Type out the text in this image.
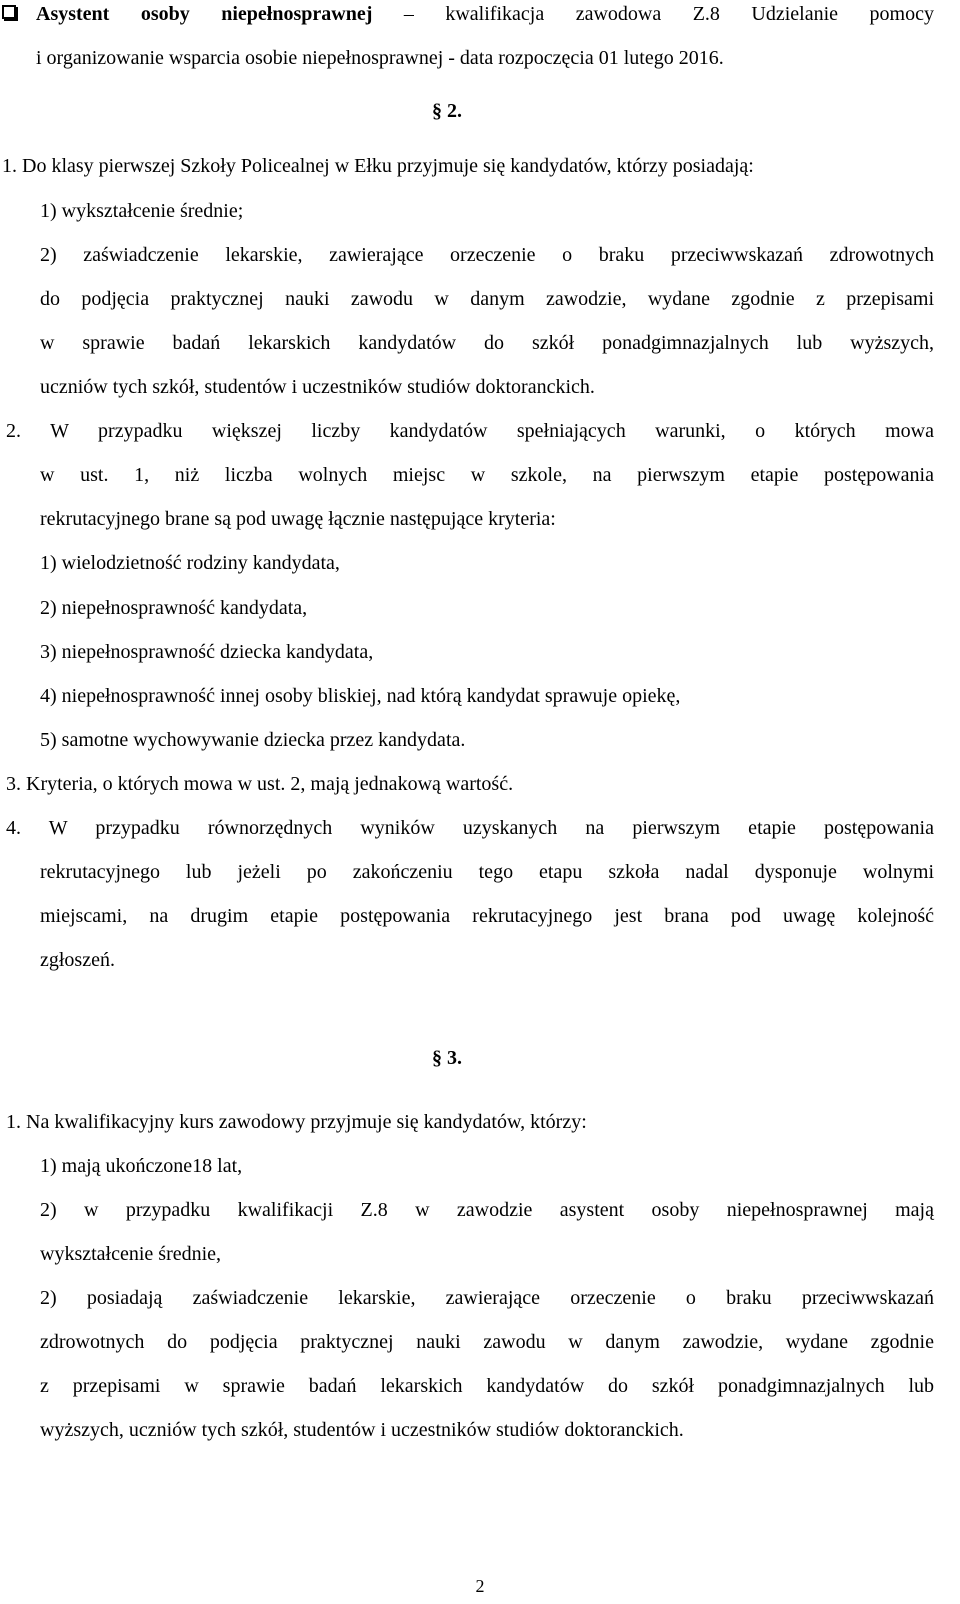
Asystent osoby niepełnosprawnej – kwalifikacja zawodowa Z.8 Udzielanie pomocy
i organizowanie wsparcia osobie niepełnosprawnej - data rozpoczęcia 01 lutego 2016.
§ 2.
1. Do klasy pierwszej Szkoły Policealnej w Ełku przyjmuje się kandydatów, którzy posiadają:
1) wykształcenie średnie;
2) zaświadczenie lekarskie, zawierające orzeczenie o braku przeciwwskazań zdrowotnych
do podjęcia praktycznej nauki zawodu w danym zawodzie, wydane zgodnie z przepisami
w sprawie badań lekarskich kandydatów do szkół ponadgimnazjalnych lub wyższych,
uczniów tych szkół, studentów i uczestników studiów doktoranckich.
2. W przypadku większej liczby kandydatów spełniających warunki, o których mowa
w ust. 1, niż liczba wolnych miejsc w szkole, na pierwszym etapie postępowania
rekrutacyjnego brane są pod uwagę łącznie następujące kryteria:
1) wielodzietność rodziny kandydata,
2) niepełnosprawność kandydata,
3) niepełnosprawność dziecka kandydata,
4) niepełnosprawność innej osoby bliskiej, nad którą kandydat sprawuje opiekę,
5) samotne wychowywanie dziecka przez kandydata.
3. Kryteria, o których mowa w ust. 2, mają jednakową wartość.
4. W przypadku równorzędnych wyników uzyskanych na pierwszym etapie postępowania
rekrutacyjnego lub jeżeli po zakończeniu tego etapu szkoła nadal dysponuje wolnymi
miejscami, na drugim etapie postępowania rekrutacyjnego jest brana pod uwagę kolejność
zgłoszeń.
§ 3.
1. Na kwalifikacyjny kurs zawodowy przyjmuje się kandydatów, którzy:
1) mają ukończone18 lat,
2) w przypadku kwalifikacji Z.8 w zawodzie asystent osoby niepełnosprawnej mają
wykształcenie średnie,
2) posiadają zaświadczenie lekarskie, zawierające orzeczenie o braku przeciwwskazań
zdrowotnych do podjęcia praktycznej nauki zawodu w danym zawodzie, wydane zgodnie
z przepisami w sprawie badań lekarskich kandydatów do szkół ponadgimnazjalnych lub
wyższych, uczniów tych szkół, studentów i uczestników studiów doktoranckich.
2
